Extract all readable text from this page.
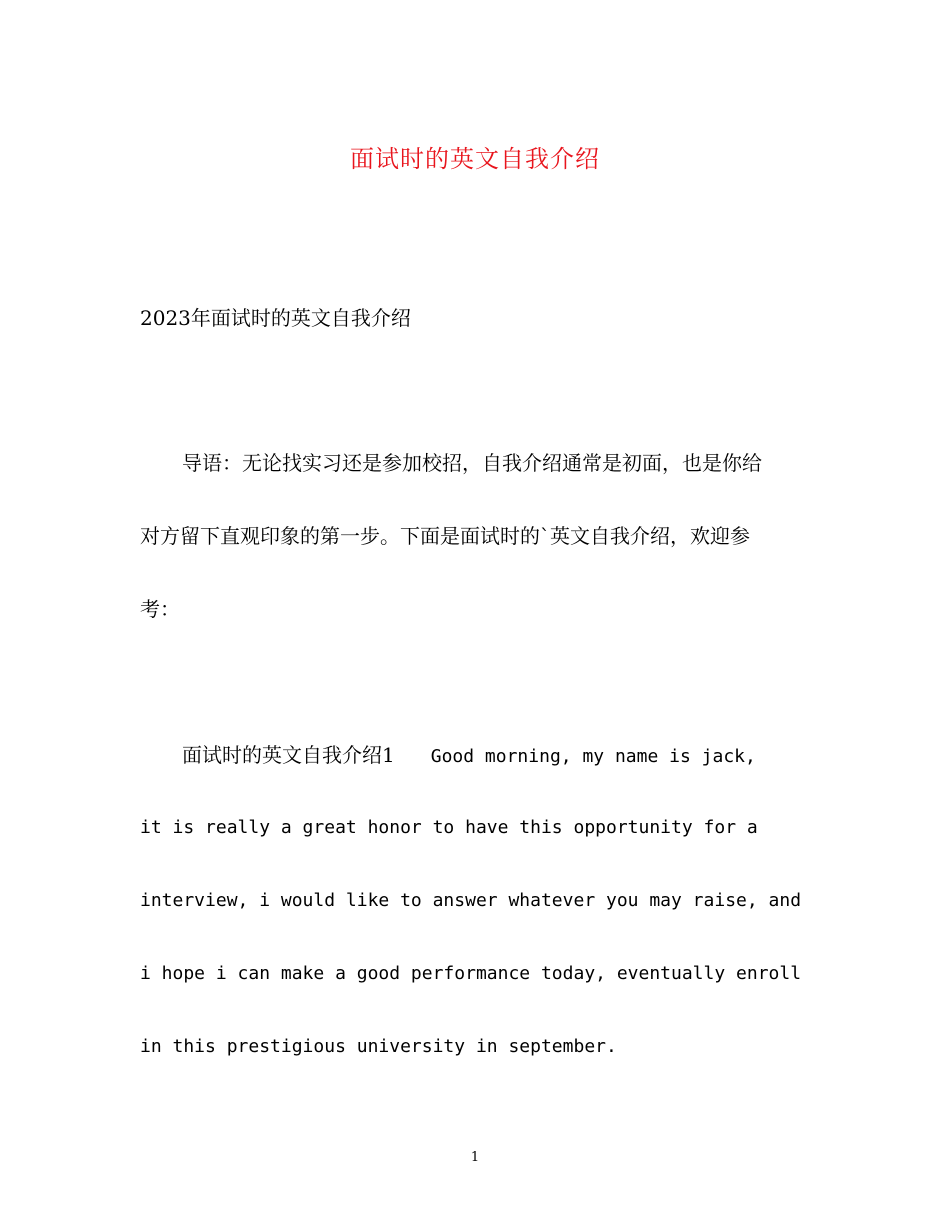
面试时的英文自我介绍

2023年面试时的英文自我介绍

导语：无论找实习还是参加校招，自我介绍通常是初面，也是你给

对方留下直观印象的第一步。下面是面试时的`英文自我介绍，欢迎参

考：

面试时的英文自我介绍1 Good morning, my name is jack,

it is really a great honor to have this opportunity for a

interview, i would like to answer whatever you may raise, and

i hope i can make a good performance today, eventually enroll

in this prestigious university in september.

1
